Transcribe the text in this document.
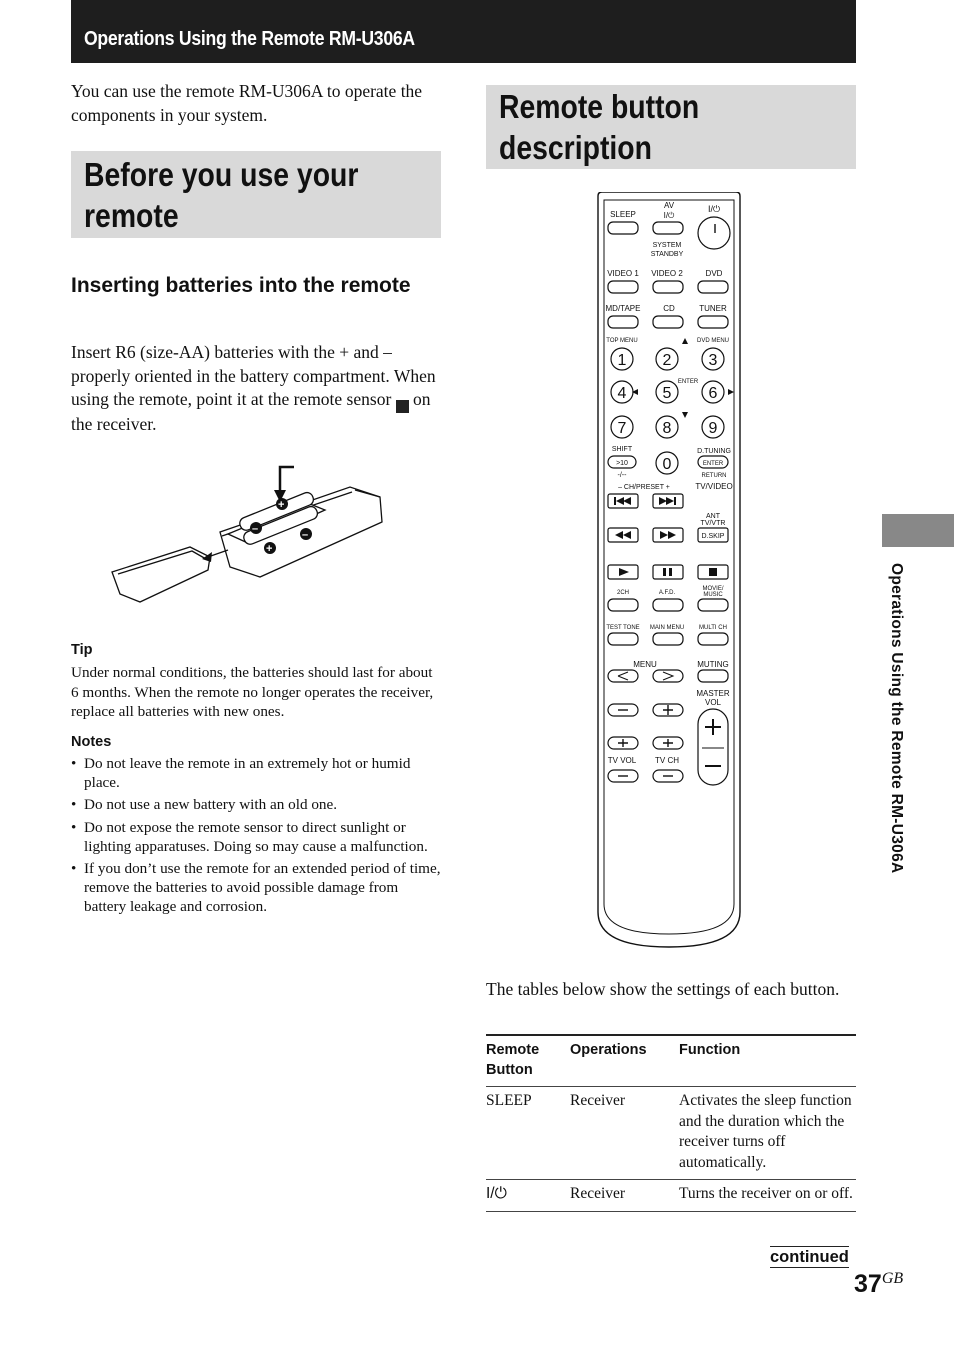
Operations Using the Remote RM-U306A
You can use the remote RM-U306A to operate the components in your system.
Before you use your
remote
Remote button
description
Inserting batteries into the remote
Insert R6 (size-AA) batteries with the + and – properly oriented in the battery compartment. When using the remote, point it at the remote sensor on the receiver.
+
–	–
+
Tip
Under normal conditions, the batteries should last for about 6 months. When the remote no longer operates the receiver, replace all batteries with new ones.
Notes
• Do not leave the remote in an extremely hot or humid place.
• Do not use a new battery with an old one.
• Do not expose the remote sensor to direct sunlight or lighting apparatuses. Doing so may cause a malfunction.
• If you don’t use the remote for an extended period of time, remove the batteries to avoid possible damage from battery leakage and corrosion.
SLEEP
AV
I/⏻
I/⏻
SYSTEM
STANDBY
VIDEO 1 VIDEO 2	DVD
MD/TAPE	CD	TUNER
TOP MENU	DVD MENU
ENTER
SHIFT
-/--
D.TUNING
RETURN
– CH/PRESET +	TV/VIDEO
ANT
TV/VTR
2CH	A.F.D.
MOVIE/
MUSIC
TEST TONE MAIN MENU MULTI CH
MENU	MUTING
MASTER
VOL
TV VOL TV CH
1 2 3
4 5 6
7 8 9
0
>10	ENTER
D.SKIP
The tables below show the settings of each button.
Remote Button	Operations	Function
SLEEP	Receiver	Activates the sleep function and the duration which the receiver turns off automatically.
I/⏻	Receiver	Turns the receiver on or off.
continued
$37^{GB}$
Operations Using the Remote RM-U306A
